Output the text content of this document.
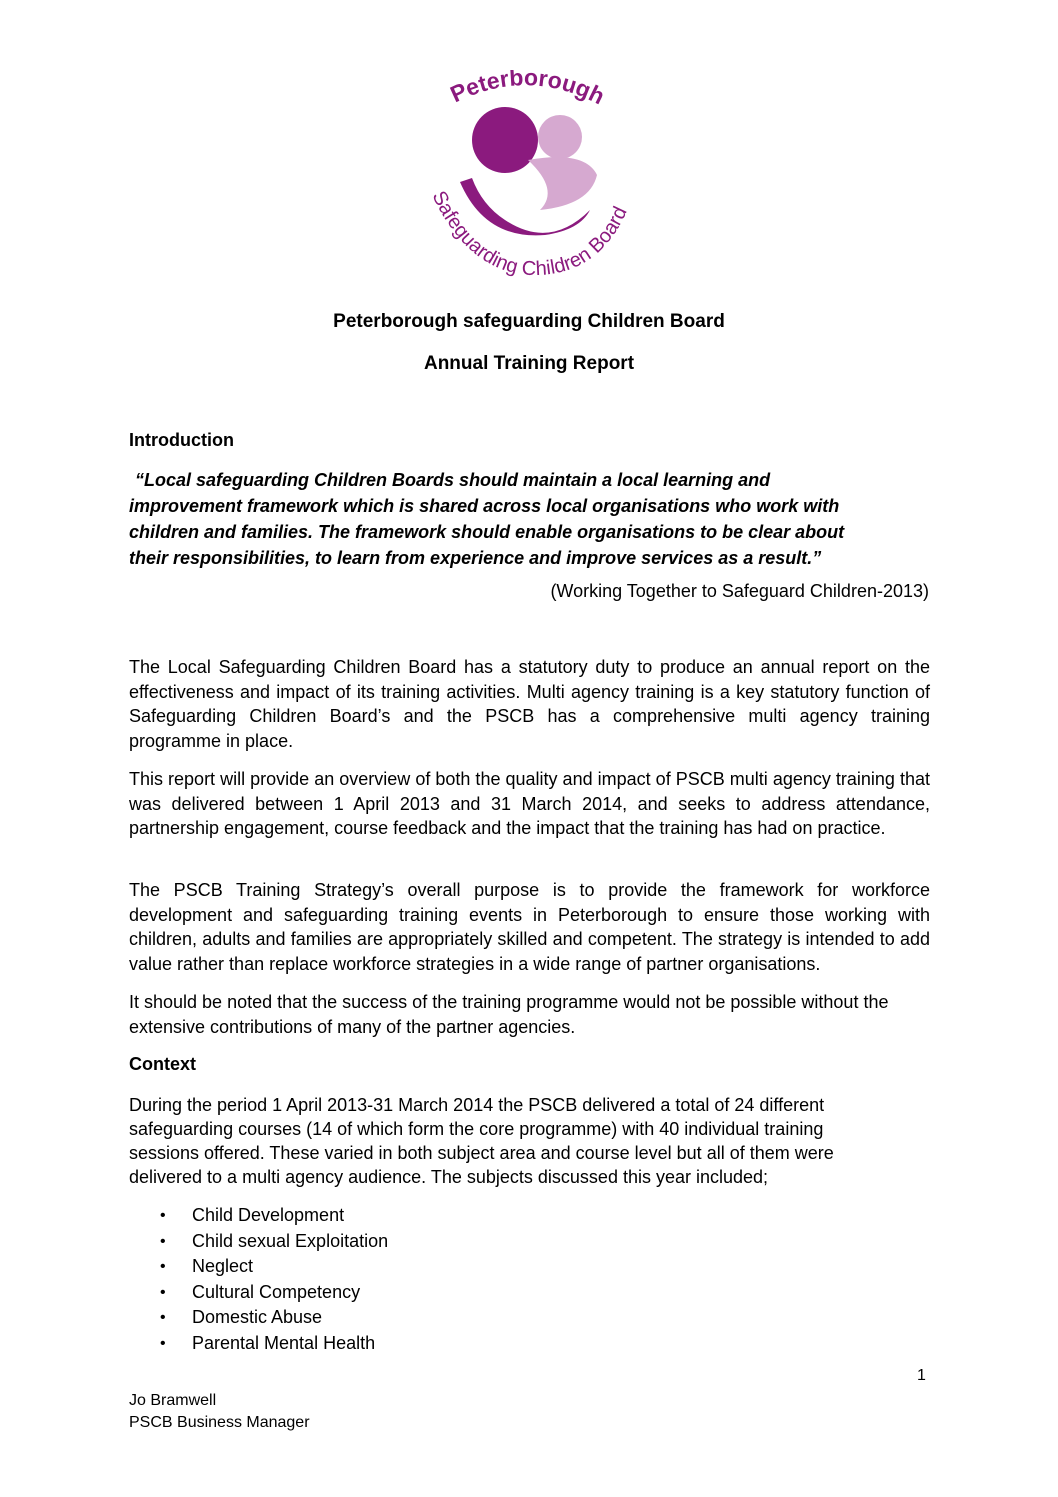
Peterborough
Safeguarding Children Board
Peterborough safeguarding Children Board
Annual Training Report
Introduction
“Local safeguarding Children Boards should maintain a local learning and
improvement framework which is shared across local organisations who work with
children and families. The framework should enable organisations to be clear about
their responsibilities, to learn from experience and improve services as a result.”
(Working Together to Safeguard Children-2013)
The Local Safeguarding Children Board has a statutory duty to produce an annual report on the effectiveness and impact of its training activities. Multi agency training is a key statutory function of Safeguarding Children Board’s and the PSCB has a comprehensive multi agency training programme in place.
This report will provide an overview of both the quality and impact of PSCB multi agency training that was delivered between 1 April 2013 and 31 March 2014, and seeks to address attendance, partnership engagement, course feedback and the impact that the training has had on practice.
The PSCB Training Strategy’s overall purpose is to provide the framework for workforce development and safeguarding training events in Peterborough to ensure those working with children, adults and families are appropriately skilled and competent. The strategy is intended to add value rather than replace workforce strategies in a wide range of partner organisations.
It should be noted that the success of the training programme would not be possible without the extensive contributions of many of the partner agencies.
Context
During the period 1 April 2013-31 March 2014 the PSCB delivered a total of 24 different
safeguarding courses (14 of which form the core programme) with 40 individual training
sessions offered. These varied in both subject area and course level but all of them were
delivered to a multi agency audience. The subjects discussed this year included;
• Child Development
• Child sexual Exploitation
• Neglect
• Cultural Competency
• Domestic Abuse
• Parental Mental Health
1
Jo Bramwell
PSCB Business Manager
